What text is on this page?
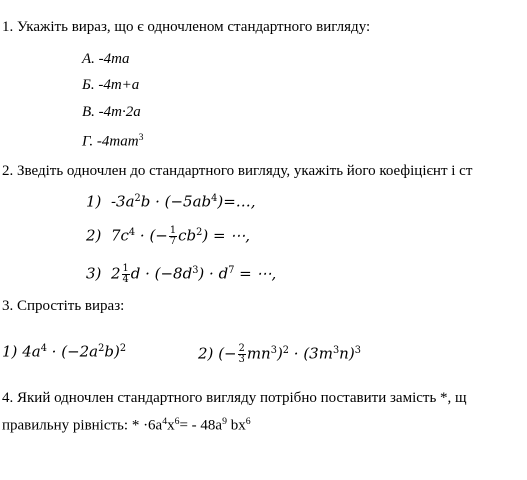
1. Укажіть вираз, що є одночленом стандартного вигляду:
А. -4ma
Б. -4m+a
В. -4m·2a
Г. -4mam$^3$
2. Зведіть одночлен до стандартного вигляду, укажіть його коефіцієнт і ст
1) $-3a^2b$ · $(-5ab^4)=\dots$,
2) $7c^4$ · (− $\frac{1}{7} cb^2$) = ⋯,
3) $2 \frac{1}{4}$ $d \cdot (-8d^3) \cdot d^7$ = ⋯,
3. Спростіть вираз:
1) $4a^4 \cdot (-2a^2b)^2$	2) (− $\frac{2}{3} mn^3)^2 \cdot (3m^3n)^3$
4. Який одночлен стандартного вигляду потрібно поставити замість *, щ
правильну рівність: * $\cdot 6a^4x^6= - 48a^9$ $bx^6$
